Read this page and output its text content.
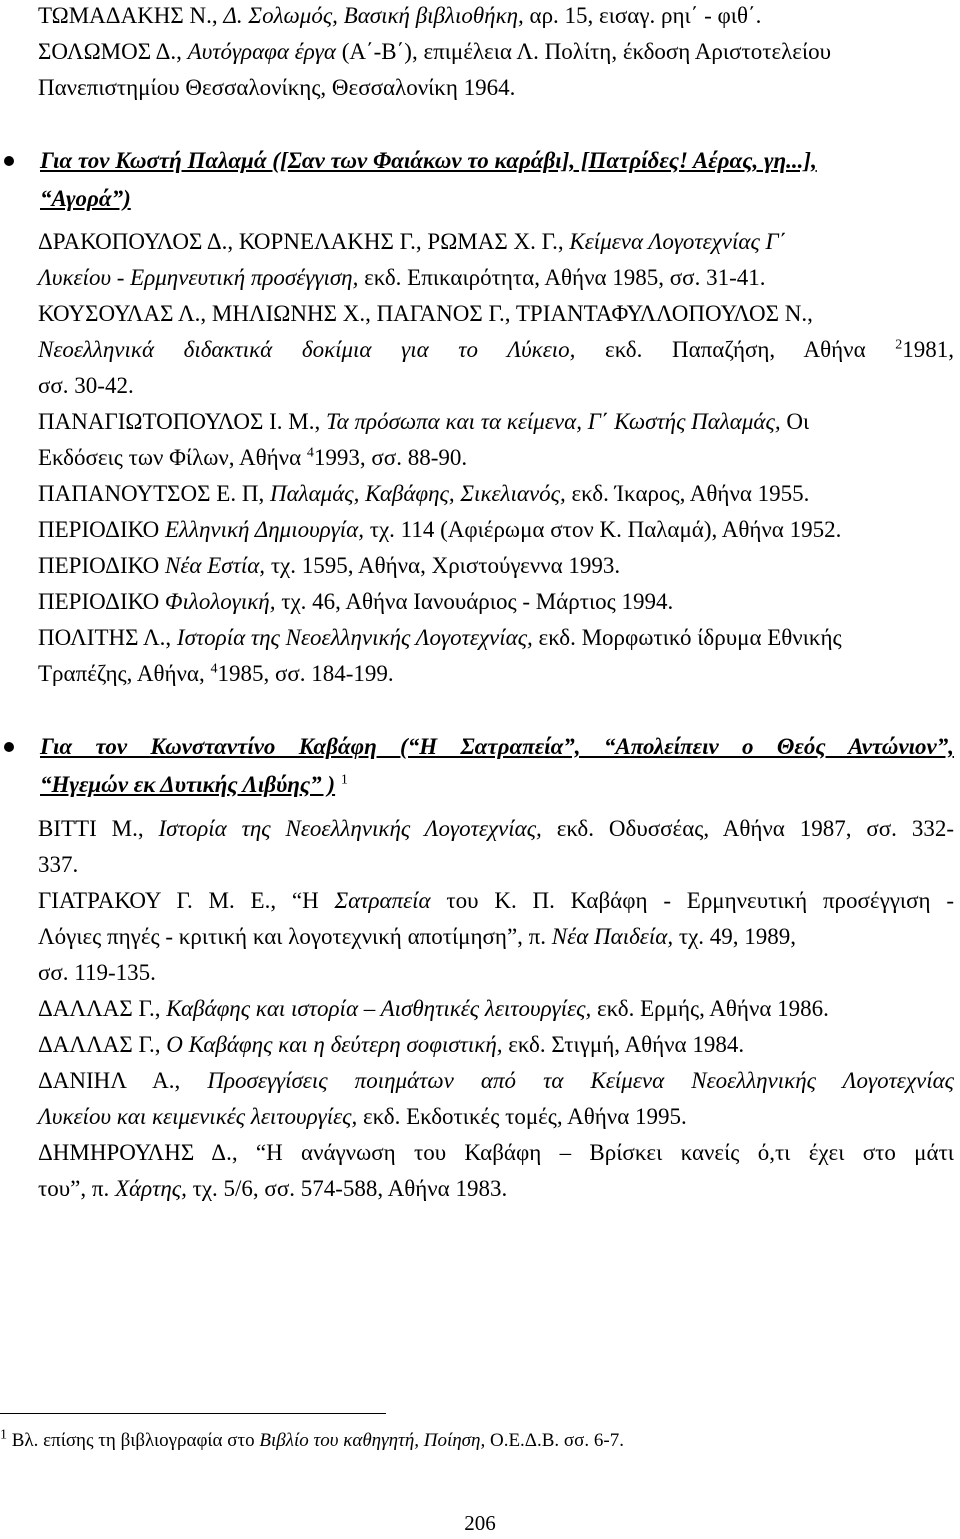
ΤΩΜΑΔΑΚΗΣ Ν., Δ. Σολωμός, Βασική βιβλιοθήκη, αρ. 15, εισαγ. ρηι΄ - φιθ΄.
ΣΟΛΩΜΟΣ Δ., Αυτόγραφα έργα (Α΄-Β΄), επιμέλεια Λ. Πολίτη, έκδοση Αριστοτελείου
Πανεπιστημίου Θεσσαλονίκης, Θεσσαλονίκη 1964.
Για τον Κωστή Παλαμά ([Σαν των Φαιάκων το καράβι], [Πατρίδες! Αέρας, γη...],
“Αγορά”)
ΔΡΑΚΟΠΟΥΛΟΣ Δ., ΚΟΡΝΕΛΑΚΗΣ Γ., ΡΩΜΑΣ Χ. Γ., Κείμενα Λογοτεχνίας Γ΄
Λυκείου - Ερμηνευτική προσέγγιση, εκδ. Επικαιρότητα, Αθήνα 1985, σσ. 31-41.
ΚΟΥΣΟΥΛΑΣ Λ., ΜΗΛΙΩΝΗΣ Χ., ΠΑΓΑΝΟΣ Γ., ΤΡΙΑΝΤΑΦΥΛΛΟΠΟΥΛΟΣ Ν.,
Νεοελληνικά διδακτικά δοκίμια για το Λύκειο, εκδ. Παπαζήση, Αθήνα $^2$1981,
σσ. 30-42.
ΠΑΝΑΓΙΩΤΟΠΟΥΛΟΣ Ι. Μ., Τα πρόσωπα και τα κείμενα, Γ΄ Κωστής Παλαμάς, Οι
Εκδόσεις των Φίλων, Αθήνα $^4$1993, σσ. 88-90.
ΠΑΠΑΝΟΥΤΣΟΣ Ε. Π, Παλαμάς, Καβάφης, Σικελιανός, εκδ. Ίκαρος, Αθήνα 1955.
ΠΕΡΙΟΔΙΚΟ Ελληνική Δημιουργία, τχ. 114 (Αφιέρωμα στον Κ. Παλαμά), Αθήνα 1952.
ΠΕΡΙΟΔΙΚΟ Νέα Εστία, τχ. 1595, Αθήνα, Χριστούγεννα 1993.
ΠΕΡΙΟΔΙΚΟ Φιλολογική, τχ. 46, Αθήνα Ιανουάριος - Μάρτιος 1994.
ΠΟΛΙΤΗΣ Λ., Ιστορία της Νεοελληνικής Λογοτεχνίας, εκδ. Μορφωτικό ίδρυμα Εθνικής
Τραπέζης, Αθήνα, $^4$1985, σσ. 184-199.
Για τον Κωνσταντίνο Καβάφη (“Η Σατραπεία”, “Απολείπειν ο Θεός Αντώνιον”,
“Ηγεμών εκ Δυτικής Λιβύης” ) $^1$
ΒΙΤΤΙ Μ., Ιστορία της Νεοελληνικής Λογοτεχνίας, εκδ. Οδυσσέας, Αθήνα 1987, σσ. 332-
337.
ΓΙΑΤΡΑΚΟΥ Γ. Μ. Ε., “Η Σατραπεία του Κ. Π. Καβάφη - Ερμηνευτική προσέγγιση -
Λόγιες πηγές - κριτική και λογοτεχνική αποτίμηση”, π. Νέα Παιδεία, τχ. 49, 1989,
σσ. 119-135.
ΔΑΛΛΑΣ Γ., Καβάφης και ιστορία – Αισθητικές λειτουργίες, εκδ. Ερμής, Αθήνα 1986.
ΔΑΛΛΑΣ Γ., Ο Καβάφης και η δεύτερη σοφιστική, εκδ. Στιγμή, Αθήνα 1984.
ΔΑΝΙΗΛ Α., Προσεγγίσεις ποιημάτων από τα Κείμενα Νεοελληνικής Λογοτεχνίας
Λυκείου και κειμενικές λειτουργίες, εκδ. Εκδοτικές τομές, Αθήνα 1995.
ΔΗΜΗΡΟΥΛΗΣ Δ., “Η ανάγνωση του Καβάφη – Βρίσκει κανείς ό,τι έχει στο μάτι
του”, π. Χάρτης, τχ. 5/6, σσ. 574-588, Αθήνα 1983.
$^1$ Βλ. επίσης τη βιβλιογραφία στο Βιβλίο του καθηγητή, Ποίηση, Ο.Ε.Δ.Β. σσ. 6-7.
206
